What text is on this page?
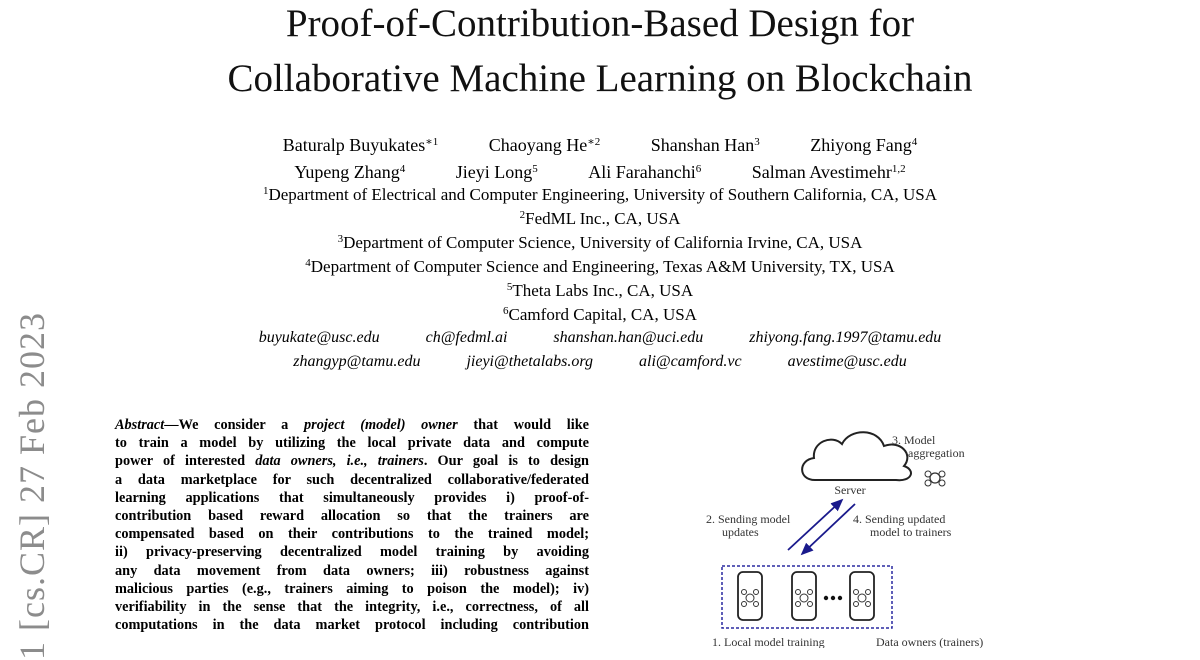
Proof-of-Contribution-Based Design for
Collaborative Machine Learning on Blockchain
Baturalp Buyukates$^{∗1}$	Chaoyang $He^{∗2}$	Shanshan Han$^3$	Zhiyong Fang$^4$
Yupeng Zhang$^4$	Jieyi Long$^5$	Ali Farahanchi$^6$	Salman Avestimehr$^{1,2}$
$^1$Department of Electrical and Computer Engineering, University of Southern California, CA, USA
$^2$FedML Inc., CA, USA
$^3$Department of Computer Science, University of California Irvine, CA, USA
$^4$Department of Computer Science and Engineering, Texas A&M University, TX, USA
$^5$Theta Labs Inc., CA, USA
$^6$Camford Capital, CA, USA
buyukate@usc.edu	ch@fedml.ai	shanshan.han@uci.edu	zhiyong.fang.1997@tamu.edu
zhangyp@tamu.edu	jieyi@thetalabs.org	ali@camford.vc	avestime@usc.edu
1 [cs.CR] 27 Feb 2023	Abstract—We consider a project (model) owner that would like
to train a model by utilizing the local private data and compute
power of interested data owners, i.e., trainers. Our goal is to design
a data marketplace for such decentralized collaborative/federated
learning applications that simultaneously provides i) proof-of-
contribution based reward allocation so that the trainers are
compensated based on their contributions to the trained model;
ii) privacy-preserving decentralized model training by avoiding
any data movement from data owners; iii) robustness against
malicious parties (e.g., trainers aiming to poison the model); iv)
verifiability in the sense that the integrity, i.e., correctness, of all
computations in the data market protocol including contribution
Server
3. Model
aggregation
2. Sending model
updates
4. Sending updated
model to trainers
1. Local model training	Data owners (trainers)
